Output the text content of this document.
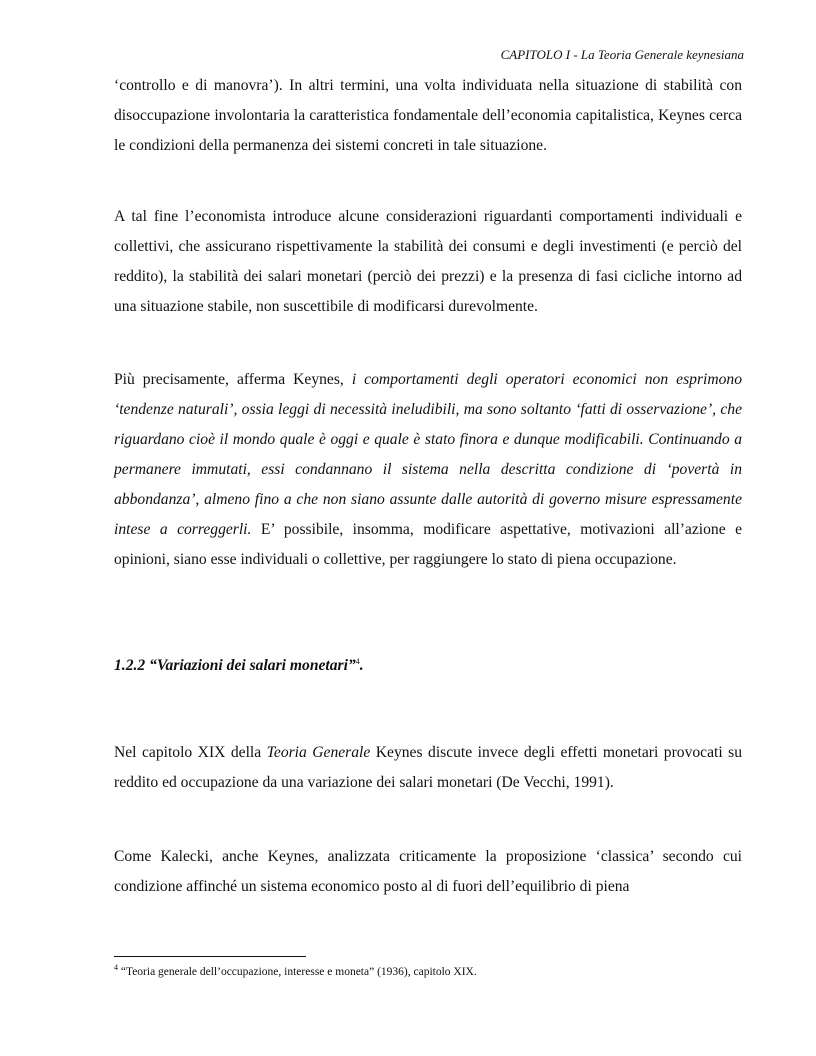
CAPITOLO I - La Teoria Generale keynesiana

‘controllo e di manovra’). In altri termini, una volta individuata nella situazione di stabilità con disoccupazione involontaria la caratteristica fondamentale dell’economia capitalistica, Keynes cerca le condizioni della permanenza dei sistemi concreti in tale situazione.

A tal fine l’economista introduce alcune considerazioni riguardanti comportamenti individuali e collettivi, che assicurano rispettivamente la stabilità dei consumi e degli investimenti (e perciò del reddito), la stabilità dei salari monetari (perciò dei prezzi) e la presenza di fasi cicliche intorno ad una situazione stabile, non suscettibile di modificarsi durevolmente.

Più precisamente, afferma Keynes, i comportamenti degli operatori economici non esprimono ‘tendenze naturali’, ossia leggi di necessità ineludibili, ma sono soltanto ‘fatti di osservazione’, che riguardano cioè il mondo quale è oggi e quale è stato finora e dunque modificabili. Continuando a permanere immutati, essi condannano il sistema nella descritta condizione di ‘povertà in abbondanza’, almeno fino a che non siano assunte dalle autorità di governo misure espressamente intese a correggerli. E’ possibile, insomma, modificare aspettative, motivazioni all’azione e opinioni, siano esse individuali o collettive, per raggiungere lo stato di piena occupazione.

1.2.2 “Variazioni dei salari monetari”$^4$.

Nel capitolo XIX della Teoria Generale Keynes discute invece degli effetti monetari provocati su reddito ed occupazione da una variazione dei salari monetari (De Vecchi, 1991).

Come Kalecki, anche Keynes, analizzata criticamente la proposizione ‘classica’ secondo cui condizione affinché un sistema economico posto al di fuori dell’equilibrio di piena

$^4$ “Teoria generale dell’occupazione, interesse e moneta” (1936), capitolo XIX.
